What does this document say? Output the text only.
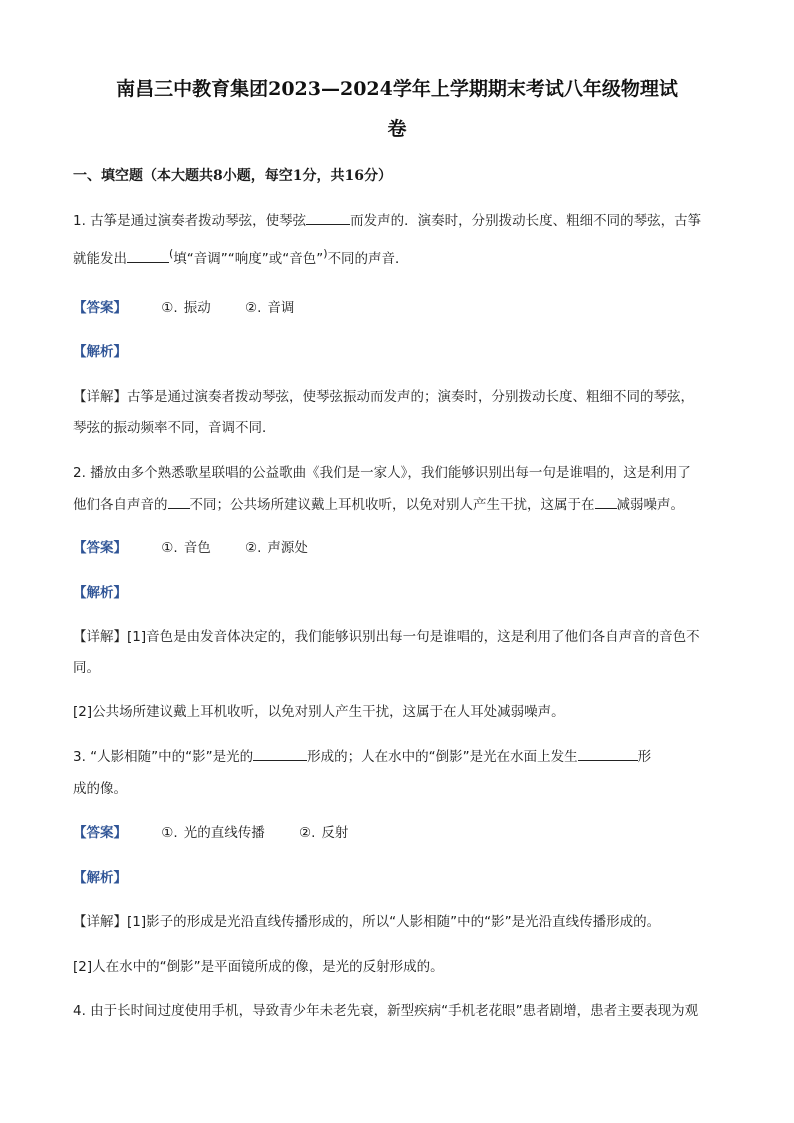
南昌三中教育集团2023—2024学年上学期期末考试八年级物理试
卷
一、填空题（本大题共8小题，每空1分，共16分）
1. 古筝是通过演奏者拨动琴弦，使琴弦	而发声的．演奏时，分别拨动长度、粗细不同的琴弦，古筝
就能发出	(填“音调”“响度”或“音色”)不同的声音．
【答案】	①. 振动	②. 音调
【解析】
【详解】古筝是通过演奏者拨动琴弦，使琴弦振动而发声的；演奏时，分别拨动长度、粗细不同的琴弦，
琴弦的振动频率不同，音调不同．
2. 播放由多个熟悉歌星联唱的公益歌曲《我们是一家人》，我们能够识别出每一句是谁唱的，这是利用了
他们各自声音的 不同；公共场所建议戴上耳机收听，以免对别人产生干扰，这属于在 减弱噪声。
【答案】	①. 音色	②. 声源处
【解析】
【详解】[1]音色是由发音体决定的，我们能够识别出每一句是谁唱的，这是利用了他们各自声音的音色不
同。
[2]公共场所建议戴上耳机收听，以免对别人产生干扰，这属于在人耳处减弱噪声。
3. “人影相随”中的“影”是光的	形成的；人在水中的“倒影”是光在水面上发生	形
成的像。
【答案】	①. 光的直线传播	②. 反射
【解析】
【详解】[1]影子的形成是光沿直线传播形成的，所以“人影相随”中的“影”是光沿直线传播形成的。
[2]人在水中的“倒影”是平面镜所成的像，是光的反射形成的。
4. 由于长时间过度使用手机，导致青少年未老先衰，新型疾病“手机老花眼”患者剧增，患者主要表现为观
